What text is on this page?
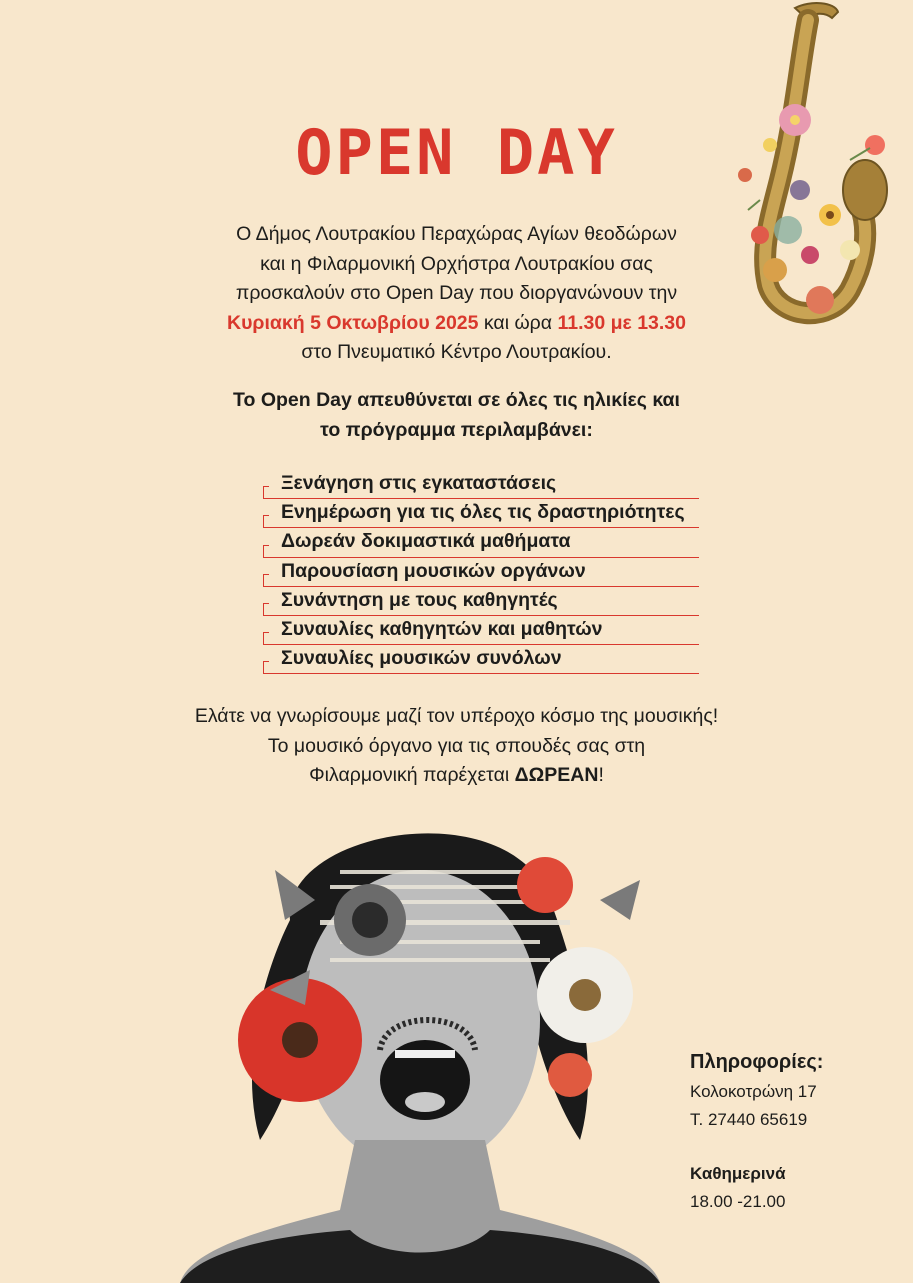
OPEN DAY
Ο Δήμος Λουτρακίου Περαχώρας Αγίων θεοδώρων
και η Φιλαρμονική Ορχήστρα Λουτρακίου σας
προσκαλούν στο Open Day που διοργανώνουν την
Κυριακή 5 Οκτωβρίου 2025 και ώρα 11.30 με 13.30
στο Πνευματικό Κέντρο Λουτρακίου.
Το Open Day απευθύνεται σε όλες τις ηλικίες και
το πρόγραμμα περιλαμβάνει:
Ξενάγηση στις εγκαταστάσεις
Ενημέρωση για τις όλες τις δραστηριότητες
Δωρεάν δοκιμαστικά μαθήματα
Παρουσίαση μουσικών οργάνων
Συνάντηση με τους καθηγητές
Συναυλίες καθηγητών και μαθητών
Συναυλίες μουσικών συνόλων
Ελάτε να γνωρίσουμε μαζί τον υπέροχο κόσμο της μουσικής!
Το μουσικό όργανο για τις σπουδές σας στη
Φιλαρμονική παρέχεται ΔΩΡΕΑΝ!
Πληροφορίες:
Κολοκοτρώνη 17
Τ. 27440 65619
Καθημερινά
18.00 -21.00
